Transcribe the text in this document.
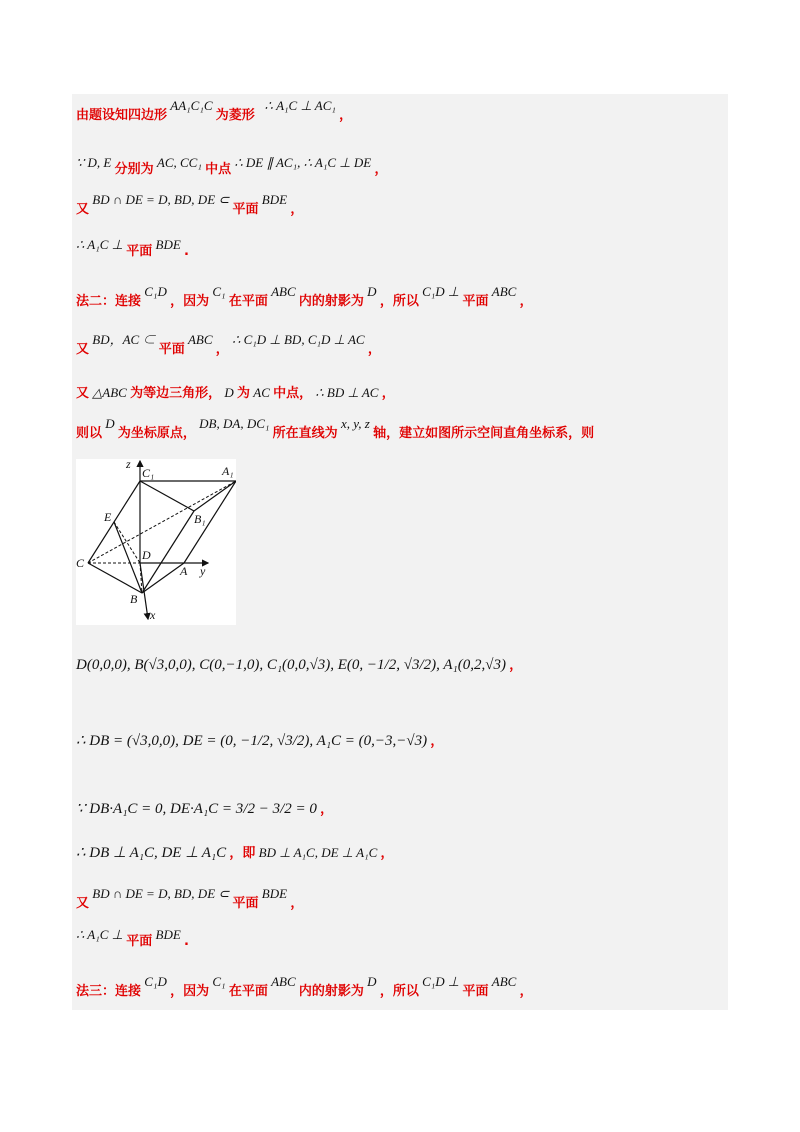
由题设知四边形 AA₁C₁C 为菱形   ∴ A₁C ⊥ AC₁ ，
∵ D, E 分别为 AC, CC₁ 中点 ∴ DE ∥ AC₁, ∴ A₁C ⊥ DE ，
又 BD ∩ DE = D, BD, DE ⊂ 平面 BDE ，
∴ A₁C ⊥ 平面 BDE .
法二：连接 C₁D ，因为 C₁ 在平面 ABC 内的射影为 D ，所以 C₁D ⊥ 平面 ABC ，
又 BD，AC ⊂ 平面 ABC ， ∴ C₁D ⊥ BD, C₁D ⊥ AC ，
又 △ABC 为等边三角形， D 为 AC 中点， ∴ BD ⊥ AC ，
则以 D 为坐标原点， DB, DA, DC₁ 所在直线为 x, y, z 轴，建立如图所示空间直角坐标系，则
z
C₁	A₁
E	B₁
C
D
A y
B
x
D(0,0,0), B(√3,0,0), C(0,−1,0), C₁(0,0,√3), E(0, −1/2, √3/2), A₁(0,2,√3) ，
∴ DB = (√3,0,0), DE = (0, −1/2, √3/2), A₁C = (0,−3,−√3) ，
∵ DB·A₁C = 0, DE·A₁C = 3/2 − 3/2 = 0 ，
∴ DB ⊥ A₁C, DE ⊥ A₁C ，即 BD ⊥ A₁C, DE ⊥ A₁C ，
又 BD ∩ DE = D, BD, DE ⊂ 平面 BDE ，
∴ A₁C ⊥ 平面 BDE .
法三：连接 C₁D ，因为 C₁ 在平面 ABC 内的射影为 D ，所以 C₁D ⊥ 平面 ABC ，
